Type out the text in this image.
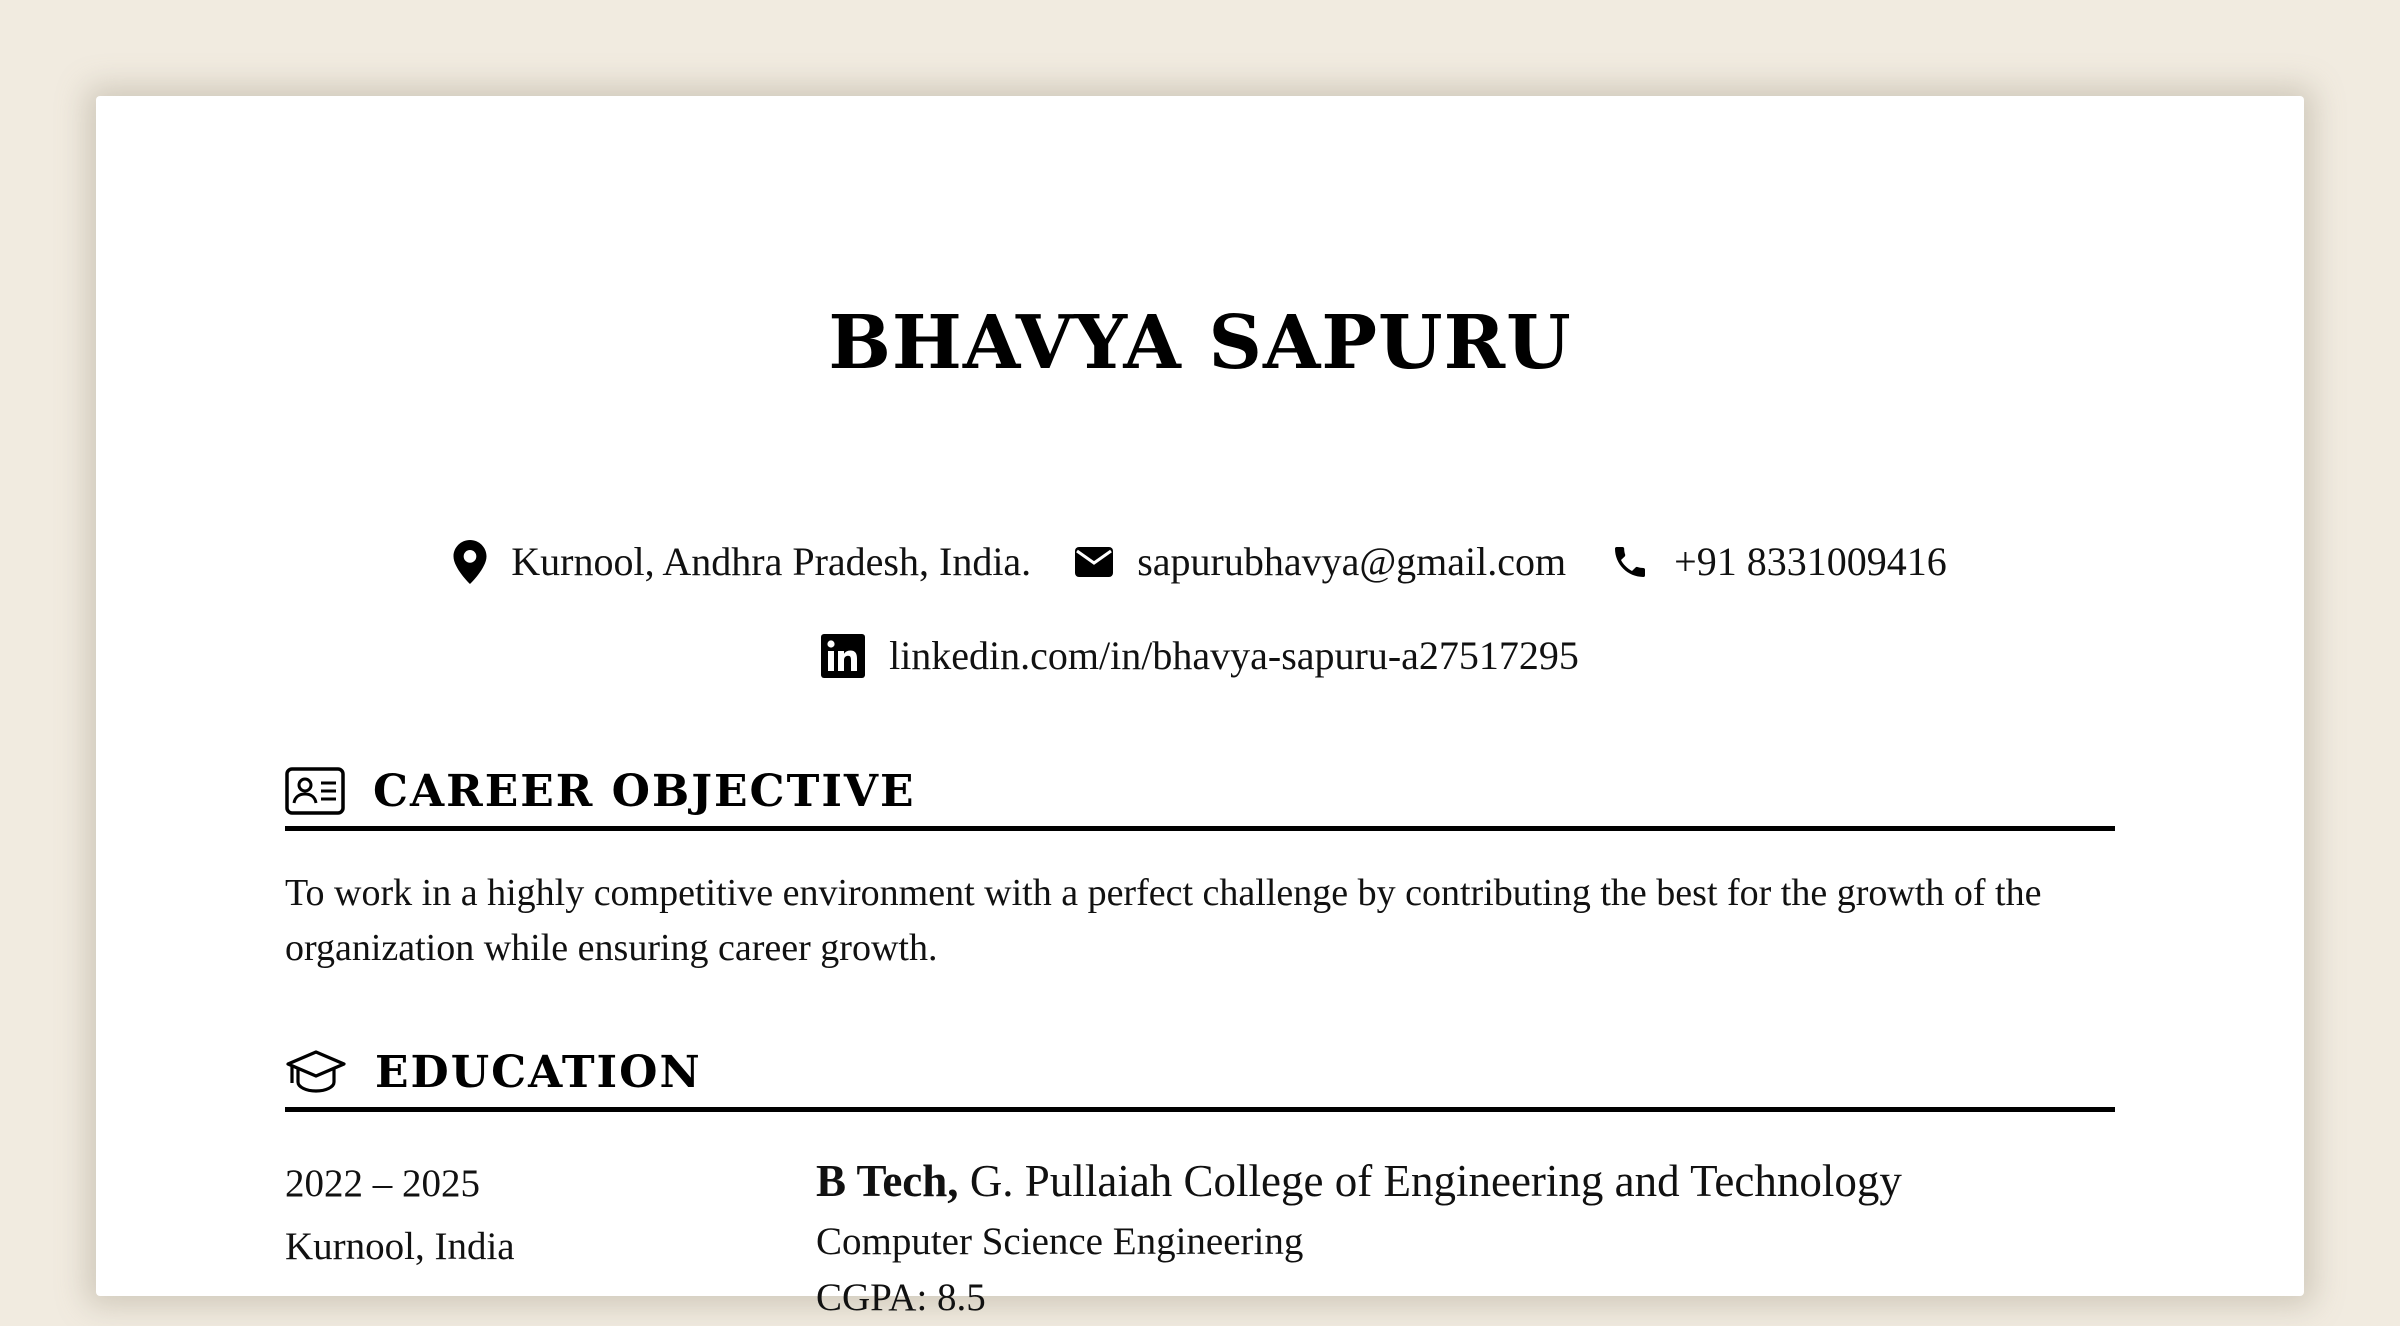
BHAVYA SAPURU
Kurnool, Andhra Pradesh, India.	sapurubhavya@gmail.com	+91 8331009416
linkedin.com/in/bhavya-sapuru-a27517295
CAREER OBJECTIVE
To work in a highly competitive environment with a perfect challenge by contributing the best for the growth of the organization while ensuring career growth.
EDUCATION
2022 – 2025
Kurnool, India
B Tech, G. Pullaiah College of Engineering and Technology
Computer Science Engineering
CGPA: 8.5
